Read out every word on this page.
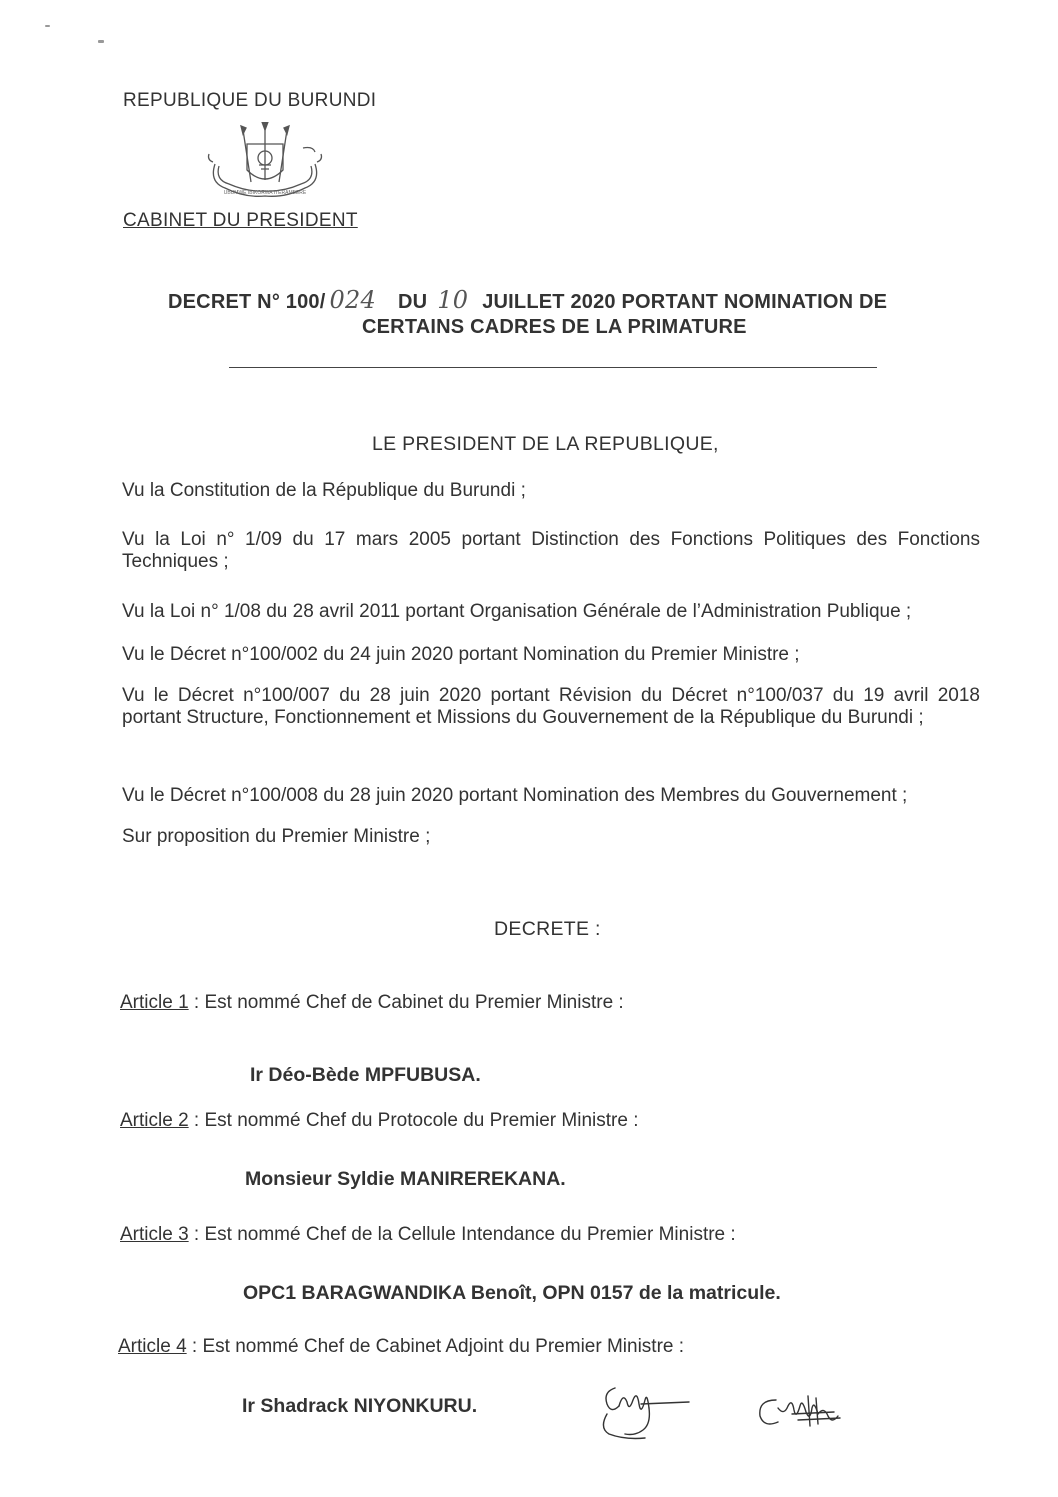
REPUBLIQUE DU BURUNDI
UBUMWE IBIKORWA ITERAMBERE
CABINET DU PRESIDENT
DECRET N° 100/ 024 DU 10 JUILLET 2020 PORTANT NOMINATION DE
CERTAINS CADRES DE LA PRIMATURE
LE PRESIDENT DE LA REPUBLIQUE,
Vu la Constitution de la République du Burundi ;
Vu la Loi n° 1/09 du 17 mars 2005 portant Distinction des Fonctions Politiques des Fonctions Techniques ;
Vu la Loi n° 1/08 du 28 avril 2011 portant Organisation Générale de l’Administration Publique ;
Vu le Décret n°100/002 du 24 juin 2020 portant Nomination du Premier Ministre ;
Vu le Décret n°100/007 du 28 juin 2020 portant Révision du Décret n°100/037 du 19 avril 2018 portant Structure, Fonctionnement et Missions du Gouvernement de la République du Burundi ;
Vu le Décret n°100/008 du 28 juin 2020 portant Nomination des Membres du Gouvernement ;
Sur proposition du Premier Ministre ;
DECRETE :
Article 1 : Est nommé Chef de Cabinet du Premier Ministre :
Ir Déo-Bède MPFUBUSA.
Article 2 : Est nommé Chef du Protocole du Premier Ministre :
Monsieur Syldie MANIREREKANA.
Article 3 : Est nommé Chef de la Cellule Intendance du Premier Ministre :
OPC1 BARAGWANDIKA Benoît, OPN 0157 de la matricule.
Article 4 : Est nommé Chef de Cabinet Adjoint du Premier Ministre :
Ir Shadrack NIYONKURU.
